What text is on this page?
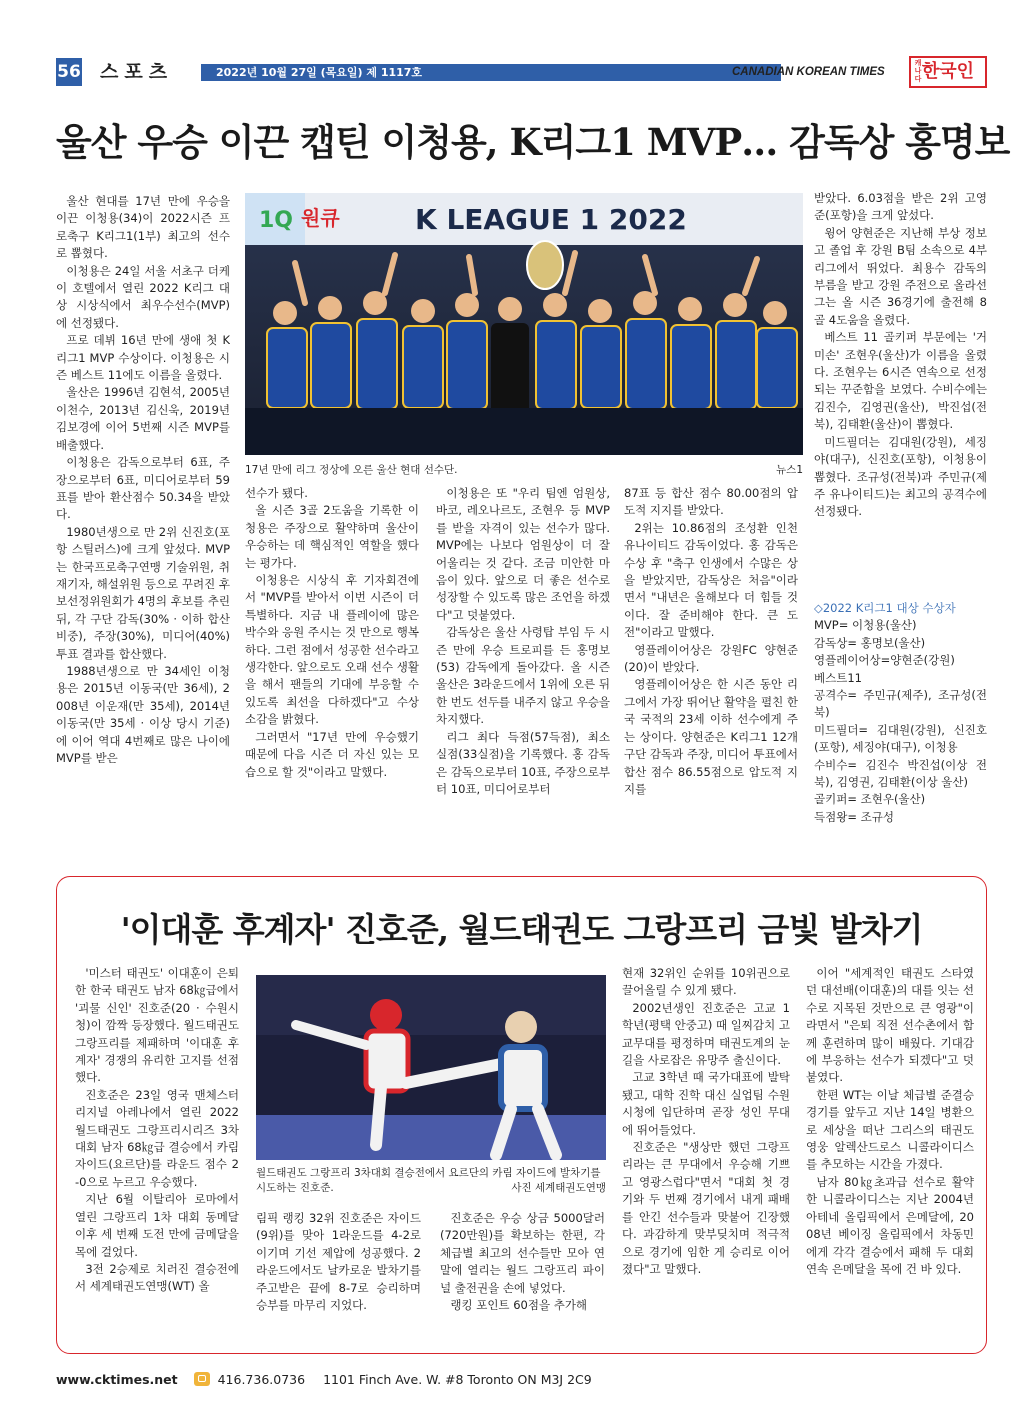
56 스포츠	2022년 10월 27일 (목요일) 제 1117호	CANADIAN KOREAN TIMES
캐나다 한국인
울산 우승 이끈 캡틴 이청용, K리그1 MVP… 감독상 홍명보

울산 현대를 17년 만에 우승을 이끈 이청용(34)이 2022시즌 프로축구 K리그1(1부) 최고의 선수로 뽑혔다.

이청용은 24일 서울 서초구 더케이 호텔에서 열린 2022 K리그 대상 시상식에서 최우수선수(MVP)에 선정됐다.

프로 데뷔 16년 만에 생애 첫 K리그1 MVP 수상이다. 이청용은 시즌 베스트 11에도 이름을 올렸다.

울산은 1996년 김현석, 2005년 이천수, 2013년 김신욱, 2019년 김보경에 이어 5번째 시즌 MVP를 배출했다.

이청용은 감독으로부터 6표, 주장으로부터 6표, 미디어로부터 59표를 받아 환산점수 50.34을 받았다.

1980년생으로 만 2위 신진호(포항 스틸러스)에 크게 앞섰다. MVP는 한국프로축구연맹 기술위원, 취재기자, 해설위원 등으로 꾸려진 후보선정위원회가 4명의 후보를 추린 뒤, 각 구단 감독(30% · 이하 합산 비중), 주장(30%), 미디어(40%) 투표 결과를 합산했다.

1988년생으로 만 34세인 이청용은 2015년 이동국(만 36세), 2008년 이운재(만 35세), 2014년 이동국(만 35세 · 이상 당시 기준)에 이어 역대 4번째로 많은 나이에 MVP를 받은

1Q 원큐	K LEAGUE 1 2022
17년 만에 리그 정상에 오른 울산 현대 선수단.	뉴스1

선수가 됐다.

올 시즌 3골 2도움을 기록한 이청용은 주장으로 활약하며 울산이 우승하는 데 핵심적인 역할을 했다는 평가다.

이청용은 시상식 후 기자회견에서 "MVP를 받아서 이번 시즌이 더 특별하다. 지금 내 플레이에 많은 박수와 응원 주시는 것 만으로 행복하다. 그런 점에서 성공한 선수라고 생각한다. 앞으로도 오래 선수 생활을 해서 팬들의 기대에 부응할 수 있도록 최선을 다하겠다"고 수상 소감을 밝혔다.

그러면서 "17년 만에 우승했기 때문에 다음 시즌 더 자신 있는 모습으로 할 것"이라고 말했다.

이청용은 또 "우리 팀엔 엄원상, 바코, 레오나르도, 조현우 등 MVP를 받을 자격이 있는 선수가 많다. MVP에는 나보다 엄원상이 더 잘 어울리는 것 같다. 조금 미안한 마음이 있다. 앞으로 더 좋은 선수로 성장할 수 있도록 많은 조언을 하겠다"고 덧붙였다.

감독상은 울산 사령탑 부임 두 시즌 만에 우승 트로피를 든 홍명보(53) 감독에게 돌아갔다. 올 시즌 울산은 3라운드에서 1위에 오른 뒤 한 번도 선두를 내주지 않고 우승을 차지했다.

리그 최다 득점(57득점), 최소 실점(33실점)을 기록했다. 홍 감독은 감독으로부터 10표, 주장으로부터 10표, 미디어로부터

87표 등 합산 점수 80.00점의 압도적 지지를 받았다.

2위는 10.86점의 조성환 인천 유나이티드 감독이었다. 홍 감독은 수상 후 "축구 인생에서 수많은 상을 받았지만, 감독상은 처음"이라면서 "내년은 올해보다 더 힘들 것이다. 잘 준비해야 한다. 큰 도전"이라고 말했다.

영플레이어상은 강원FC 양현준(20)이 받았다.

영플레이어상은 한 시즌 동안 리그에서 가장 뛰어난 활약을 펼친 한국 국적의 23세 이하 선수에게 주는 상이다. 양현준은 K리그1 12개 구단 감독과 주장, 미디어 투표에서 합산 점수 86.55점으로 압도적 지지를

받았다. 6.03점을 받은 2위 고영준(포항)을 크게 앞섰다.

윙어 양현준은 지난해 부상 정보고 졸업 후 강원 B팀 소속으로 4부리그에서 뛰었다. 최용수 감독의 부름을 받고 강원 주전으로 올라선 그는 올 시즌 36경기에 출전해 8골 4도움을 올렸다.

베스트 11 골키퍼 부문에는 '거미손' 조현우(울산)가 이름을 올렸다. 조현우는 6시즌 연속으로 선정되는 꾸준함을 보였다. 수비수에는 김진수, 김영권(울산), 박진섭(전북), 김태환(울산)이 뽑혔다.

미드필더는 김대원(강원), 세징야(대구), 신진호(포항), 이청용이 뽑혔다. 조규성(전북)과 주민규(제주 유나이티드)는 최고의 공격수에 선정됐다.

◇2022 K리그1 대상 수상자
MVP= 이청용(울산)
감독상= 홍명보(울산)
영플레이어상=양현준(강원)
베스트11
공격수= 주민규(제주), 조규성(전북)
미드필더= 김대원(강원), 신진호(포항), 세징야(대구), 이청용
수비수= 김진수 박진섭(이상 전북), 김영권, 김태환(이상 울산)
골키퍼= 조현우(울산)
득점왕= 조규성
'이대훈 후계자' 진호준, 월드태권도 그랑프리 금빛 발차기

'미스터 태권도' 이대훈이 은퇴한 한국 태권도 남자 68㎏급에서 '괴물 신인' 진호준(20 · 수원시청)이 깜짝 등장했다. 월드태권도 그랑프리를 제패하며 '이대훈 후계자' 경쟁의 유리한 고지를 선점했다.

진호준은 23일 영국 맨체스터 리지널 아레나에서 열린 2022 월드태권도 그랑프리시리즈 3차 대회 남자 68㎏급 결승에서 카림 자이드(요르단)를 라운드 점수 2-0으로 누르고 우승했다.

지난 6월 이탈리아 로마에서 열린 그랑프리 1차 대회 동메달 이후 세 번째 도전 만에 금메달을 목에 걸었다.

3전 2승제로 치러진 결승전에서 세계태권도연맹(WT) 올

월드태권도 그랑프리 3차대회 결승전에서 요르단의 카림 자이드에 발차기를 시도하는 진호준.	사진 세계태권도연맹

림픽 랭킹 32위 진호준은 자이드(9위)를 맞아 1라운드를 4-2로 이기며 기선 제압에 성공했다. 2라운드에서도 날카로운 발차기를 주고받은 끝에 8-7로 승리하며 승부를 마무리 지었다.

진호준은 우승 상금 5000달러(720만원)를 확보하는 한편, 각 체급별 최고의 선수들만 모아 연말에 열리는 월드 그랑프리 파이널 출전권을 손에 넣었다.

랭킹 포인트 60점을 추가해

현재 32위인 순위를 10위권으로 끌어올릴 수 있게 됐다.

2002년생인 진호준은 고교 1학년(평택 안중고) 때 일찌감치 고교무대를 평정하며 태권도계의 눈길을 사로잡은 유망주 출신이다.

고교 3학년 때 국가대표에 발탁됐고, 대학 진학 대신 실업팀 수원시청에 입단하며 곧장 성인 무대에 뛰어들었다.

진호준은 "생상만 했던 그랑프리라는 큰 무대에서 우승해 기쁘고 영광스럽다"면서 "대회 첫 경기와 두 번째 경기에서 내게 패배를 안긴 선수들과 맞붙어 긴장했다. 과감하게 맞부딪치며 적극적으로 경기에 임한 게 승리로 이어졌다"고 말했다.

이어 "세계적인 태권도 스타였던 대선배(이대훈)의 대를 잇는 선수로 지목된 것만으로 큰 영광"이라면서 "은퇴 직전 선수촌에서 함께 훈련하며 많이 배웠다. 기대감에 부응하는 선수가 되겠다"고 덧붙였다.

한편 WT는 이날 체급별 준결승 경기를 앞두고 지난 14일 병환으로 세상을 떠난 그리스의 태권도 영웅 알렉산드로스 니콜라이디스를 추모하는 시간을 가졌다.

남자 80㎏초과급 선수로 활약한 니콜라이디스는 지난 2004년 아테네 올림픽에서 은메달에, 2008년 베이징 올림픽에서 차동민에게 각각 결승에서 패해 두 대회 연속 은메달을 목에 건 바 있다.

www.cktimes.net	416.736.0736 1101 Finch Ave. W. #8 Toronto ON M3J 2C9
